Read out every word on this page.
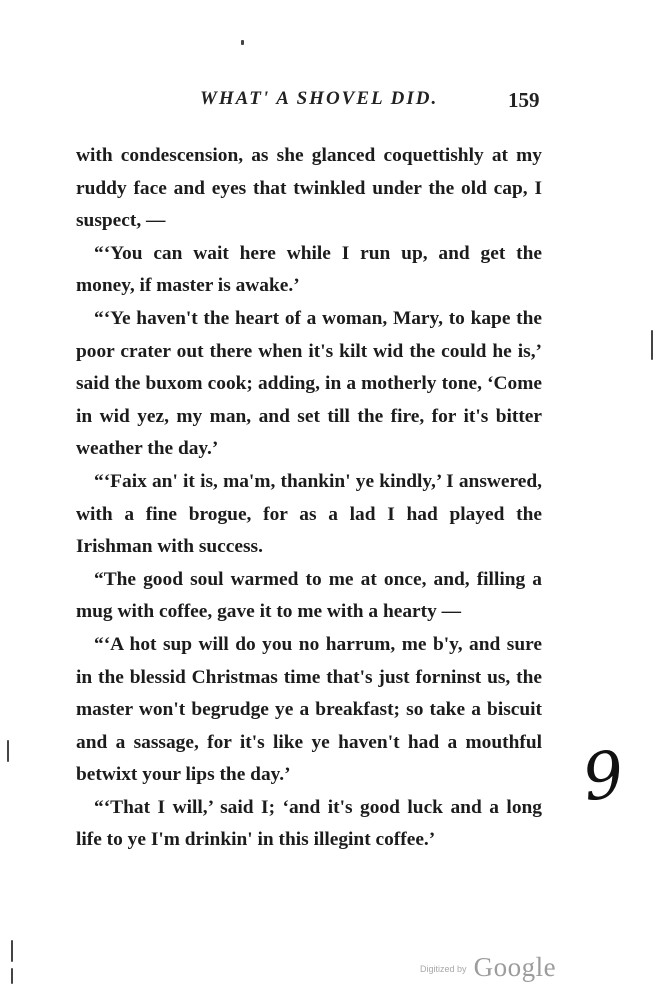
WHAT' A SHOVEL DID.	159

with condescension, as she glanced coquettishly at my ruddy face and eyes that twinkled under the old cap, I suspect, —

“‘You can wait here while I run up, and get the money, if master is awake.’

“‘Ye haven't the heart of a woman, Mary, to kape the poor crater out there when it's kilt wid the could he is,’ said the buxom cook; adding, in a motherly tone, ‘Come in wid yez, my man, and set till the fire, for it's bitter weather the day.’

“‘Faix an' it is, ma'm, thankin' ye kindly,’ I answered, with a fine brogue, for as a lad I had played the Irishman with success.

“The good soul warmed to me at once, and, filling a mug with coffee, gave it to me with a hearty —

“‘A hot sup will do you no harrum, me b'y, and sure in the blessid Christmas time that's just forninst us, the master won't begrudge ye a breakfast; so take a biscuit and a sassage, for it's like ye haven't had a mouthful betwixt your lips the day.’

“‘That I will,’ said I; ‘and it's good luck and a long life to ye I'm drinkin' in this illegint coffee.’

9
$^{Digitized by}$ Google
